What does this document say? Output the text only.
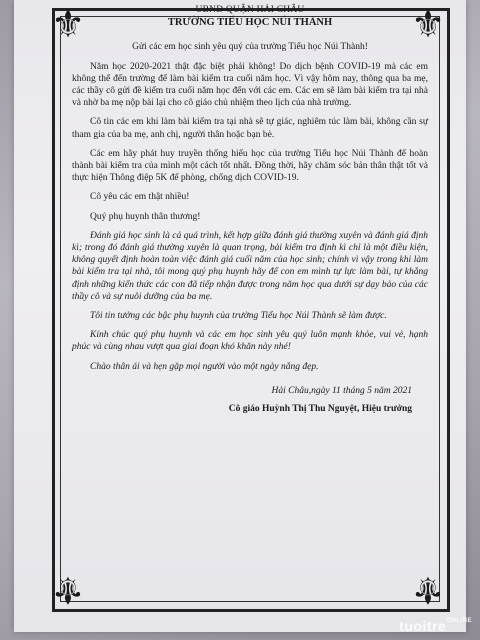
⚜	⚜
⚜	⚜
UBND QUẬN HẢI CHÂU
TRƯỜNG TIỂU HỌC NÚI THÀNH

Gửi các em học sinh yêu quý của trường Tiểu học Núi Thành!

Năm học 2020-2021 thật đặc biệt phải không! Do dịch bệnh COVID-19 mà các em không thể đến trường để làm bài kiểm tra cuối năm học. Vì vậy hôm nay, thông qua ba mẹ, các thầy cô gửi đề kiểm tra cuối năm học đến với các em. Các em sẽ làm bài kiểm tra tại nhà và nhờ ba mẹ nộp bài lại cho cô giáo chủ nhiệm theo lịch của nhà trường.

Cô tin các em khi làm bài kiểm tra tại nhà sẽ tự giác, nghiêm túc làm bài, không cần sự tham gia của ba mẹ, anh chị, người thân hoặc bạn bè.

Các em hãy phát huy truyền thống hiếu học của trường Tiểu học Núi Thành để hoàn thành bài kiểm tra của mình một cách tốt nhất. Đồng thời, hãy chăm sóc bản thân thật tốt và thực hiện Thông điệp 5K để phòng, chống dịch COVID-19.

Cô yêu các em thật nhiều!

Quý phụ huynh thân thương!

Đánh giá học sinh là cả quá trình, kết hợp giữa đánh giá thường xuyên và đánh giá định kì; trong đó đánh giá thường xuyên là quan trọng, bài kiểm tra định kì chỉ là một điều kiện, không quyết định hoàn toàn việc đánh giá cuối năm của học sinh; chính vì vậy trong khi làm bài kiểm tra tại nhà, tôi mong quý phụ huynh hãy để con em mình tự lực làm bài, tự khẳng định những kiến thức các con đã tiếp nhận được trong năm học qua dưới sự dạy bảo của các thầy cô và sự nuôi dưỡng của ba mẹ.

Tôi tin tưởng các bậc phụ huynh của trường Tiểu học Núi Thành sẽ làm được.

Kính chúc quý phụ huynh và các em học sinh yêu quý luôn mạnh khỏe, vui vẻ, hạnh phúc và cùng nhau vượt qua giai đoạn khó khăn này nhé!

Chào thân ái và hẹn gặp mọi người vào một ngày nắng đẹp.

Hải Châu,ngày 11 tháng 5 năm 2021
Cô giáo Huỳnh Thị Thu Nguyệt, Hiệu trưởng
tuoitre$^{ONLINE}$
